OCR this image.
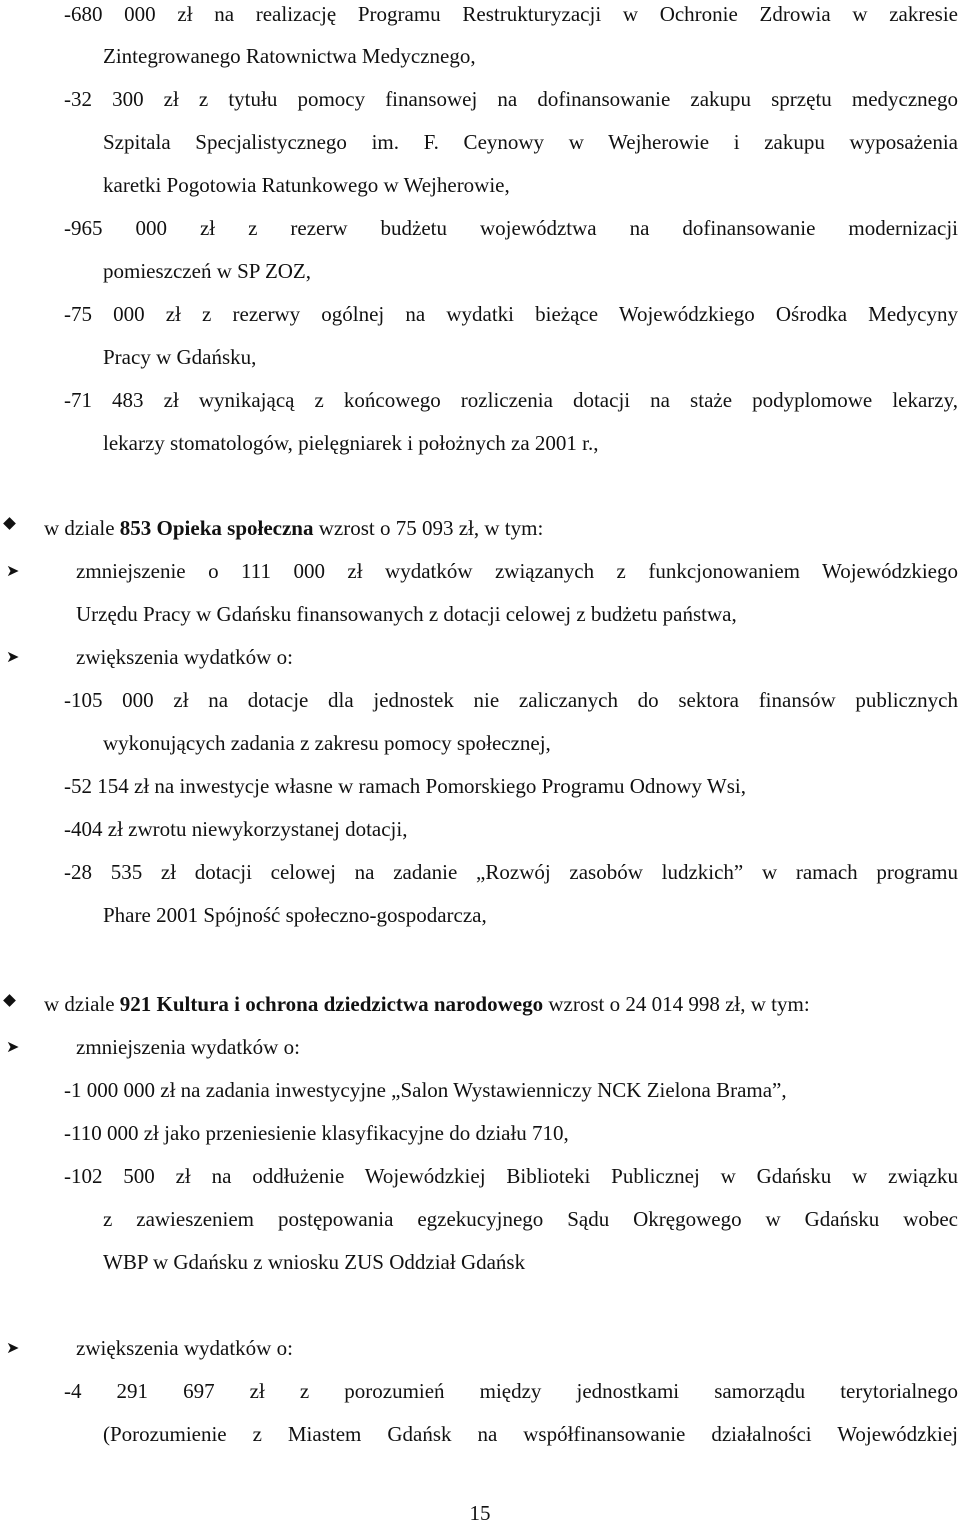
-680 000 zł na realizację Programu Restrukturyzacji w Ochronie Zdrowia w zakresie
Zintegrowanego Ratownictwa Medycznego,
-32 300 zł z tytułu pomocy finansowej na dofinansowanie zakupu sprzętu medycznego
Szpitala Specjalistycznego im. F. Ceynowy w Wejherowie i zakupu wyposażenia
karetki Pogotowia Ratunkowego w Wejherowie,
-965 000 zł z rezerw budżetu województwa na dofinansowanie modernizacji
pomieszczeń w SP ZOZ,
-75 000 zł z rezerwy ogólnej na wydatki bieżące Wojewódzkiego Ośrodka Medycyny
Pracy w Gdańsku,
-71 483 zł wynikającą z końcowego rozliczenia dotacji na staże podyplomowe lekarzy,
lekarzy stomatologów, pielęgniarek i położnych za 2001 r.,
w dziale 853 Opieka społeczna wzrost o 75 093 zł, w tym:
➤	zmniejszenie o 111 000 zł wydatków związanych z funkcjonowaniem Wojewódzkiego
Urzędu Pracy w Gdańsku finansowanych z dotacji celowej z budżetu państwa,
➤	zwiększenia wydatków o:
-105 000 zł na dotacje dla jednostek nie zaliczanych do sektora finansów publicznych
wykonujących zadania z zakresu pomocy społecznej,
-52 154 zł na inwestycje własne w ramach Pomorskiego Programu Odnowy Wsi,
-404 zł zwrotu niewykorzystanej dotacji,
-28 535 zł dotacji celowej na zadanie „Rozwój zasobów ludzkich” w ramach programu
Phare 2001 Spójność społeczno-gospodarcza,
w dziale 921 Kultura i ochrona dziedzictwa narodowego wzrost o 24 014 998 zł, w tym:
➤	zmniejszenia wydatków o:
-1 000 000 zł na zadania inwestycyjne „Salon Wystawienniczy NCK Zielona Brama”,
-110 000 zł jako przeniesienie klasyfikacyjne do działu 710,
-102 500 zł na oddłużenie Wojewódzkiej Biblioteki Publicznej w Gdańsku w związku
z zawieszeniem postępowania egzekucyjnego Sądu Okręgowego w Gdańsku wobec
WBP w Gdańsku z wniosku ZUS Oddział Gdańsk
➤	zwiększenia wydatków o:
-4 291 697 zł z porozumień między jednostkami samorządu terytorialnego
(Porozumienie z Miastem Gdańsk na współfinansowanie działalności Wojewódzkiej
15
